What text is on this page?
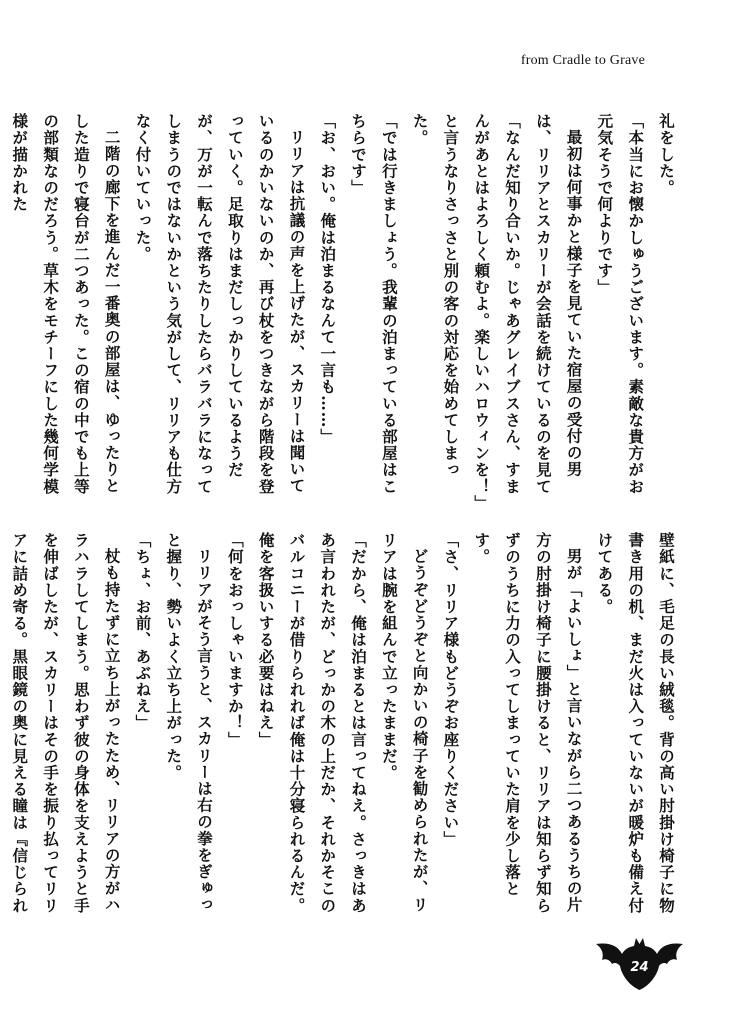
from Cradle to Grave
礼をした。
「本当にお懐かしゅうございます。素敵な貴方がお元気そうで何よりです」
最初は何事かと様子を見ていた宿屋の受付の男は、リリアとスカリーが会話を続けているのを見て「なんだ知り合いか。じゃあグレイブスさん、すまんがあとはよろしく頼むよ。楽しいハロウィンを！」と言うなりさっさと別の客の対応を始めてしまった。
「では行きましょう。我輩の泊まっている部屋はこちらです」
「お、おい。俺は泊まるなんて一言も……」
リリアは抗議の声を上げたが、スカリーは聞いているのかいないのか、再び杖をつきながら階段を登っていく。足取りはまだしっかりしているようだが、万が一転んで落ちたりしたらバラバラになってしまうのではないかという気がして、リリアも仕方なく付いていった。
二階の廊下を進んだ一番奥の部屋は、ゆったりとした造りで寝台が二つあった。この宿の中でも上等の部類なのだろう。草木をモチーフにした幾何学模様が描かれた
壁紙に、毛足の長い絨毯。背の高い肘掛け椅子に物書き用の机、まだ火は入っていないが暖炉も備え付けてある。
男が「よいしょ」と言いながら二つあるうちの片方の肘掛け椅子に腰掛けると、リリアは知らず知らずのうちに力の入ってしまっていた肩を少し落とす。
「さ、リリア様もどうぞお座りください」
どうぞどうぞと向かいの椅子を勧められたが、リリアは腕を組んで立ったままだ。
「だから、俺は泊まるとは言ってねえ。さっきはああ言われたが、どっかの木の上だか、それかそこのバルコニーが借りられれば俺は十分寝られるんだ。俺を客扱いする必要はねえ」
「何をおっしゃいますか！」
リリアがそう言うと、スカリーは右の拳をぎゅっと握り、勢いよく立ち上がった。
「ちょ、お前、あぶねえ」
杖も持たずに立ち上がったため、リリアの方がハラハラしてしまう。思わず彼の身体を支えようと手を伸ばしたが、スカリーはその手を振り払ってリリアに詰め寄る。黒眼鏡の奥に見える瞳は『信じられ
24
